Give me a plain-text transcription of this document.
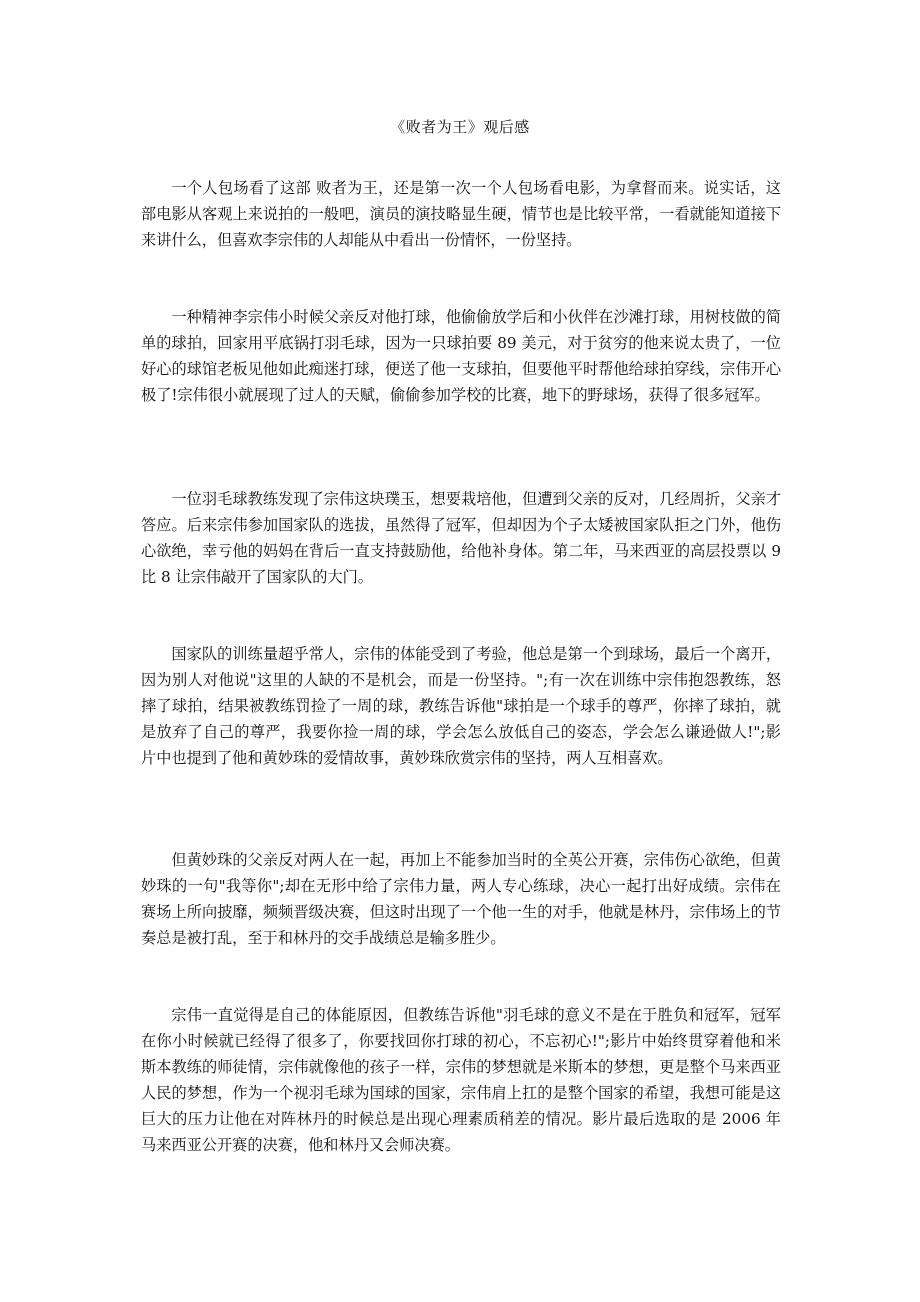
《败者为王》观后感

一个人包场看了这部 败者为王，还是第一次一个人包场看电影，为拿督而来。说实话，这部电影从客观上来说拍的一般吧，演员的演技略显生硬，情节也是比较平常，一看就能知道接下来讲什么，但喜欢李宗伟的人却能从中看出一份情怀，一份坚持。

一种精神李宗伟小时候父亲反对他打球，他偷偷放学后和小伙伴在沙滩打球，用树枝做的简单的球拍，回家用平底锅打羽毛球，因为一只球拍要 89 美元，对于贫穷的他来说太贵了，一位好心的球馆老板见他如此痴迷打球，便送了他一支球拍，但要他平时帮他给球拍穿线，宗伟开心极了!宗伟很小就展现了过人的天赋，偷偷参加学校的比赛，地下的野球场，获得了很多冠军。

一位羽毛球教练发现了宗伟这块璞玉，想要栽培他，但遭到父亲的反对，几经周折，父亲才答应。后来宗伟参加国家队的选拔，虽然得了冠军，但却因为个子太矮被国家队拒之门外，他伤心欲绝，幸亏他的妈妈在背后一直支持鼓励他，给他补身体。第二年，马来西亚的高层投票以 9 比 8 让宗伟敲开了国家队的大门。

国家队的训练量超乎常人，宗伟的体能受到了考验，他总是第一个到球场，最后一个离开，因为别人对他说"这里的人缺的不是机会，而是一份坚持。";有一次在训练中宗伟抱怨教练，怒摔了球拍，结果被教练罚捡了一周的球，教练告诉他"球拍是一个球手的尊严，你摔了球拍，就是放弃了自己的尊严，我要你捡一周的球，学会怎么放低自己的姿态，学会怎么谦逊做人!";影片中也提到了他和黄妙珠的爱情故事，黄妙珠欣赏宗伟的坚持，两人互相喜欢。

但黄妙珠的父亲反对两人在一起，再加上不能参加当时的全英公开赛，宗伟伤心欲绝，但黄妙珠的一句"我等你";却在无形中给了宗伟力量，两人专心练球，决心一起打出好成绩。宗伟在赛场上所向披靡，频频晋级决赛，但这时出现了一个他一生的对手，他就是林丹，宗伟场上的节奏总是被打乱，至于和林丹的交手战绩总是输多胜少。

宗伟一直觉得是自己的体能原因，但教练告诉他"羽毛球的意义不是在于胜负和冠军，冠军在你小时候就已经得了很多了，你要找回你打球的初心，不忘初心!";影片中始终贯穿着他和米斯本教练的师徒情，宗伟就像他的孩子一样，宗伟的梦想就是米斯本的梦想，更是整个马来西亚人民的梦想，作为一个视羽毛球为国球的国家，宗伟肩上扛的是整个国家的希望，我想可能是这巨大的压力让他在对阵林丹的时候总是出现心理素质稍差的情况。影片最后选取的是 2006 年马来西亚公开赛的决赛，他和林丹又会师决赛。
